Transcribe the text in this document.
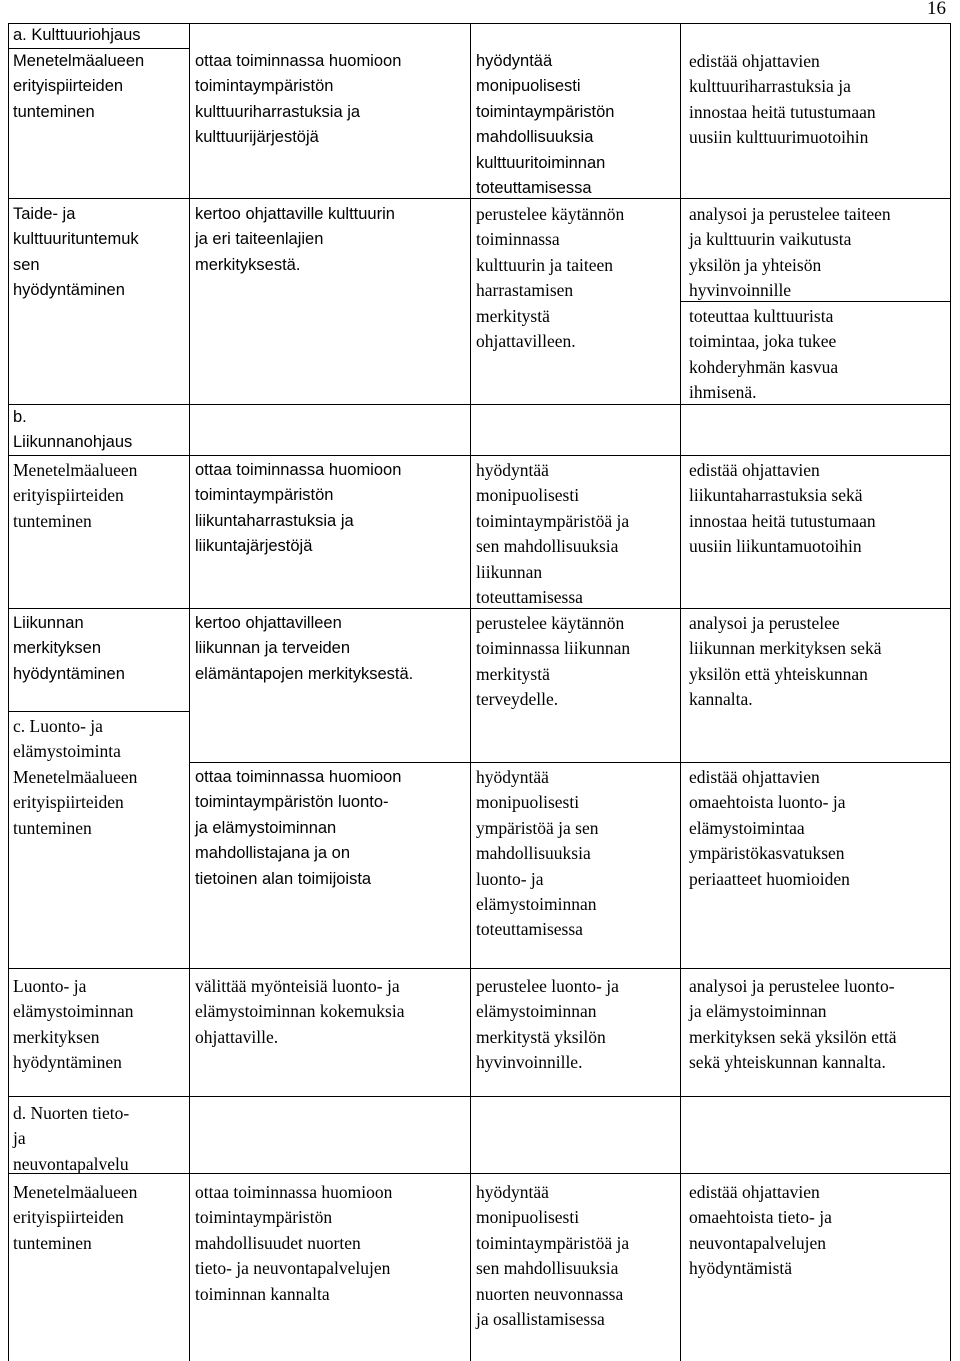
16
a. Kulttuuriohjaus
Menetelmäalueen
erityispiirteiden
tunteminen
ottaa toiminnassa huomioon
toimintaympäristön
kulttuuriharrastuksia ja
kulttuurijärjestöjä
hyödyntää
monipuolisesti
toimintaympäristön
mahdollisuuksia
kulttuuritoiminnan
toteuttamisessa
edistää ohjattavien
kulttuuriharrastuksia ja
innostaa heitä tutustumaan
uusiin kulttuurimuotoihin
Taide- ja
kulttuurituntemuk
sen
hyödyntäminen
kertoo ohjattaville kulttuurin
ja eri taiteenlajien
merkityksestä.
perustelee käytännön
toiminnassa
kulttuurin ja taiteen
harrastamisen
merkitystä
ohjattavilleen.
analysoi ja perustelee taiteen
ja kulttuurin vaikutusta
yksilön ja yhteisön
hyvinvoinnille
toteuttaa kulttuurista
toimintaa, joka tukee
kohderyhmän kasvua
ihmisenä.
b.
Liikunnanohjaus
Menetelmäalueen
erityispiirteiden
tunteminen
ottaa toiminnassa huomioon
toimintaympäristön
liikuntaharrastuksia ja
liikuntajärjestöjä
hyödyntää
monipuolisesti
toimintaympäristöä ja
sen mahdollisuuksia
liikunnan
toteuttamisessa
edistää ohjattavien
liikuntaharrastuksia sekä
innostaa heitä tutustumaan
uusiin liikuntamuotoihin
Liikunnan
merkityksen
hyödyntäminen
kertoo ohjattavilleen
liikunnan ja terveiden
elämäntapojen merkityksestä.
perustelee käytännön
toiminnassa liikunnan
merkitystä
terveydelle.
analysoi ja perustelee
liikunnan merkityksen sekä
yksilön että yhteiskunnan
kannalta.
c. Luonto- ja
elämystoiminta
Menetelmäalueen
erityispiirteiden
tunteminen
ottaa toiminnassa huomioon
toimintaympäristön luonto-
ja elämystoiminnan
mahdollistajana ja on
tietoinen alan toimijoista
hyödyntää
monipuolisesti
ympäristöä ja sen
mahdollisuuksia
luonto- ja
elämystoiminnan
toteuttamisessa
edistää ohjattavien
omaehtoista luonto- ja
elämystoimintaa
ympäristökasvatuksen
periaatteet huomioiden
Luonto- ja
elämystoiminnan
merkityksen
hyödyntäminen
välittää myönteisiä luonto- ja
elämystoiminnan kokemuksia
ohjattaville.
perustelee luonto- ja
elämystoiminnan
merkitystä yksilön
hyvinvoinnille.
analysoi ja perustelee luonto-
ja elämystoiminnan
merkityksen sekä yksilön että
sekä yhteiskunnan kannalta.
d. Nuorten tieto-
ja
neuvontapalvelu
Menetelmäalueen
erityispiirteiden
tunteminen
ottaa toiminnassa huomioon
toimintaympäristön
mahdollisuudet nuorten
tieto- ja neuvontapalvelujen
toiminnan kannalta
hyödyntää
monipuolisesti
toimintaympäristöä ja
sen mahdollisuuksia
nuorten neuvonnassa
ja osallistamisessa
edistää ohjattavien
omaehtoista tieto- ja
neuvontapalvelujen
hyödyntämistä
